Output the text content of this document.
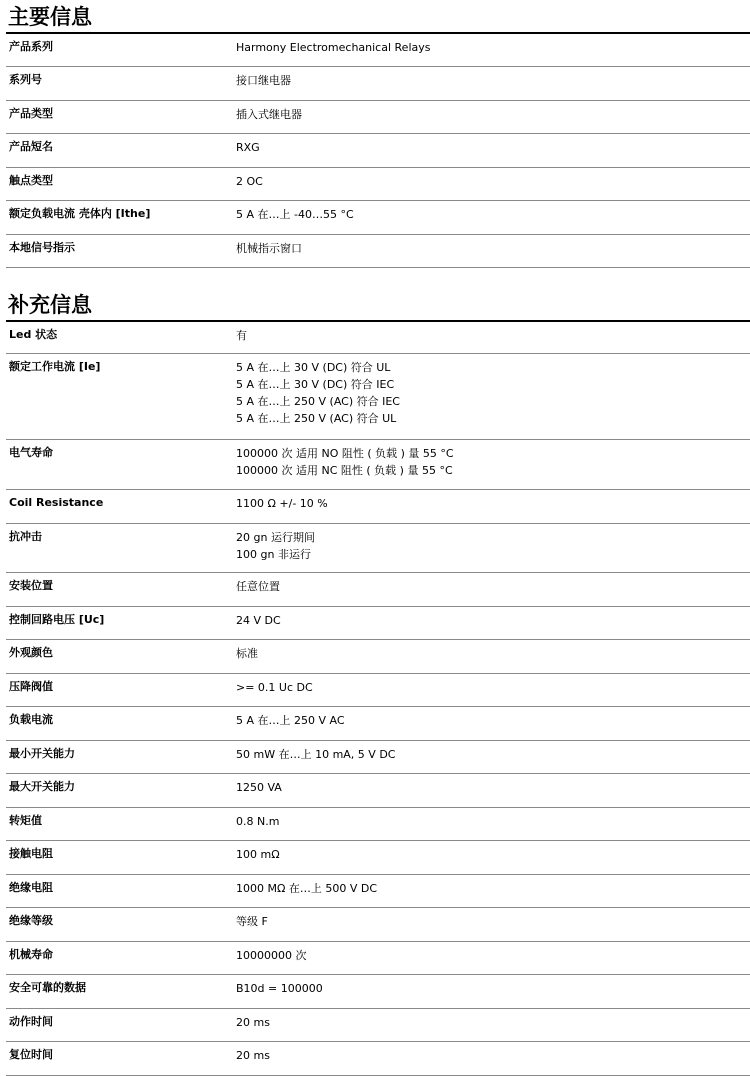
主要信息
产品系列	Harmony Electromechanical Relays
系列号	接口继电器
产品类型	插入式继电器
产品短名	RXG
触点类型	2 OC
额定负载电流 壳体内 [Ithe]	5 A 在…上 -40…55 °C
本地信号指示	机械指示窗口
补充信息
Led 状态	有
额定工作电流 [Ie]	5 A 在…上 30 V (DC) 符合 UL
5 A 在…上 30 V (DC) 符合 IEC
5 A 在…上 250 V (AC) 符合 IEC
5 A 在…上 250 V (AC) 符合 UL
电气寿命	100000 次 适用 NO 阻性 ( 负载 ) 量 55 °C
100000 次 适用 NC 阻性 ( 负载 ) 量 55 °C
Coil Resistance	1100 Ω +/- 10 %
抗冲击	20 gn 运行期间
100 gn 非运行
安装位置	任意位置
控制回路电压 [Uc]	24 V DC
外观颜色	标准
压降阀值	>= 0.1 Uc DC
负载电流	5 A 在…上 250 V AC
最小开关能力	50 mW 在…上 10 mA, 5 V DC
最大开关能力	1250 VA
转矩值	0.8 N.m
接触电阻	100 mΩ
绝缘电阻	1000 MΩ 在…上 500 V DC
绝缘等级	等级 F
机械寿命	10000000 次
安全可靠的数据	B10d = 100000
动作时间	20 ms
复位时间	20 ms
